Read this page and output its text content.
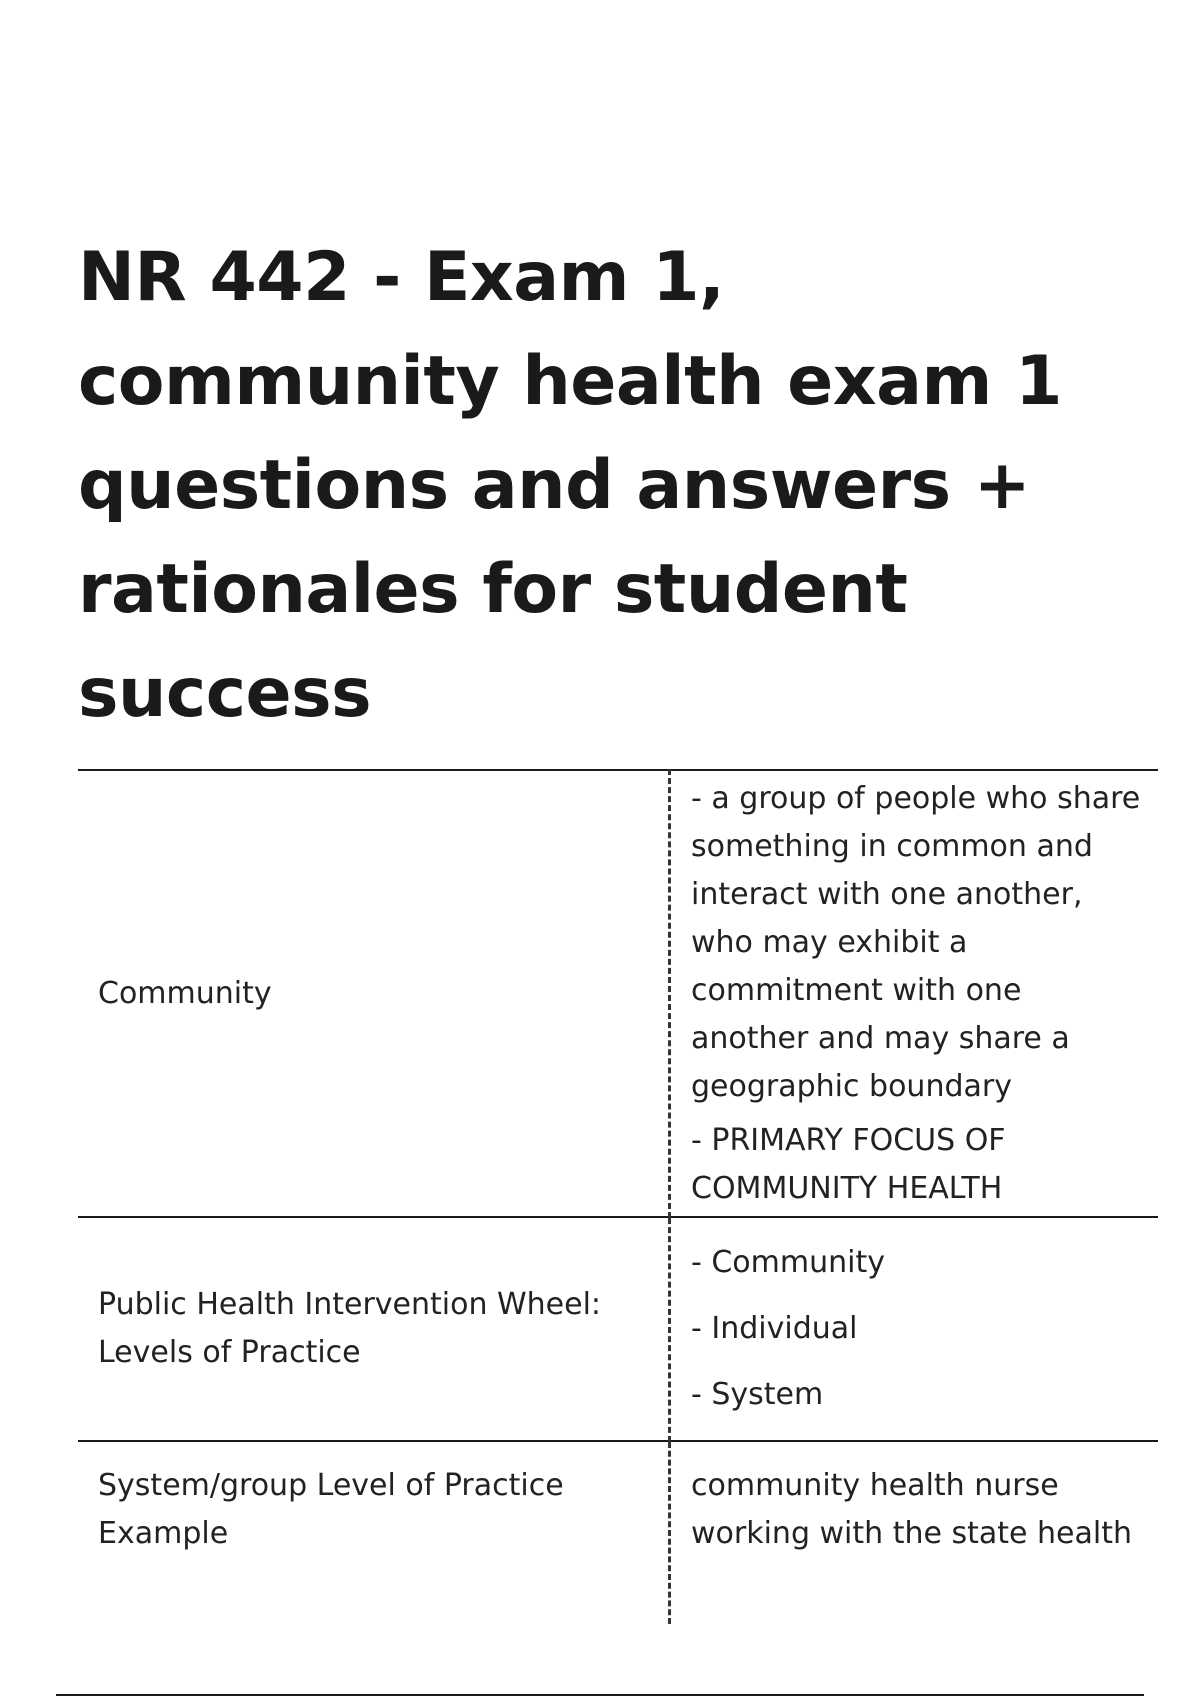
NR 442 - Exam 1, community health exam 1 questions and answers + rationales for student success
Community	- a group of people who share something in common and interact with one another, who may exhibit a commitment with one another and may share a geographic boundary

- PRIMARY FOCUS OF COMMUNITY HEALTH

Public Health Intervention Wheel: Levels of Practice	- Community

- Individual

- System

System/group Level of Practice Example	community health nurse working with the state health
